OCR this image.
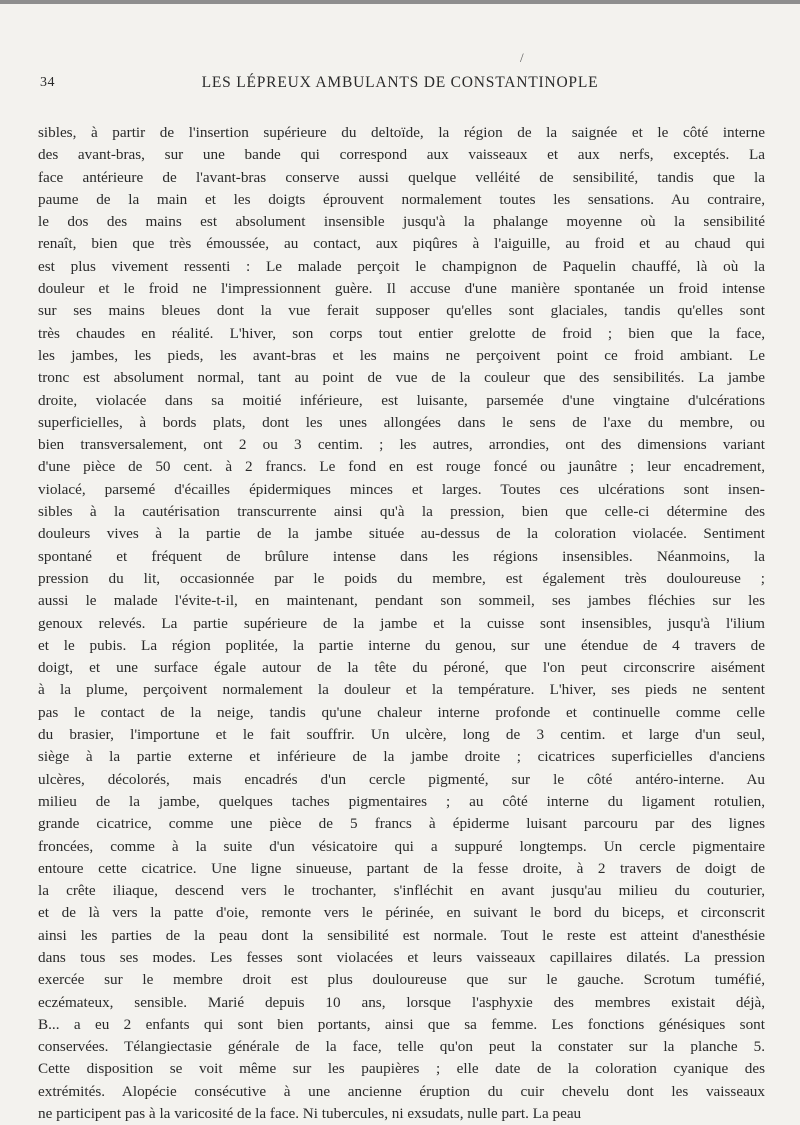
/
34	LES LÉPREUX AMBULANTS DE CONSTANTINOPLE
sibles, à partir de l'insertion supérieure du deltoïde, la région de la saignée et le côté interne
des avant-bras, sur une bande qui correspond aux vaisseaux et aux nerfs, exceptés. La
face antérieure de l'avant-bras conserve aussi quelque velléité de sensibilité, tandis que la
paume de la main et les doigts éprouvent normalement toutes les sensations. Au contraire,
le dos des mains est absolument insensible jusqu'à la phalange moyenne où la sensibilité
renaît, bien que très émoussée, au contact, aux piqûres à l'aiguille, au froid et au chaud qui
est plus vivement ressenti : Le malade perçoit le champignon de Paquelin chauffé, là où la
douleur et le froid ne l'impressionnent guère. Il accuse d'une manière spontanée un froid intense
sur ses mains bleues dont la vue ferait supposer qu'elles sont glaciales, tandis qu'elles sont
très chaudes en réalité. L'hiver, son corps tout entier grelotte de froid ; bien que la face,
les jambes, les pieds, les avant-bras et les mains ne perçoivent point ce froid ambiant. Le
tronc est absolument normal, tant au point de vue de la couleur que des sensibilités. La jambe
droite, violacée dans sa moitié inférieure, est luisante, parsemée d'une vingtaine d'ulcérations
superficielles, à bords plats, dont les unes allongées dans le sens de l'axe du membre, ou
bien transversalement, ont 2 ou 3 centim. ; les autres, arrondies, ont des dimensions variant
d'une pièce de 50 cent. à 2 francs. Le fond en est rouge foncé ou jaunâtre ; leur encadrement,
violacé, parsemé d'écailles épidermiques minces et larges. Toutes ces ulcérations sont insen-
sibles à la cautérisation transcurrente ainsi qu'à la pression, bien que celle-ci détermine des
douleurs vives à la partie de la jambe située au-dessus de la coloration violacée. Sentiment
spontané et fréquent de brûlure intense dans les régions insensibles. Néanmoins, la
pression du lit, occasionnée par le poids du membre, est également très douloureuse ;
aussi le malade l'évite-t-il, en maintenant, pendant son sommeil, ses jambes fléchies sur les
genoux relevés. La partie supérieure de la jambe et la cuisse sont insensibles, jusqu'à l'ilium
et le pubis. La région poplitée, la partie interne du genou, sur une étendue de 4 travers de
doigt, et une surface égale autour de la tête du péroné, que l'on peut circonscrire aisément
à la plume, perçoivent normalement la douleur et la température. L'hiver, ses pieds ne sentent
pas le contact de la neige, tandis qu'une chaleur interne profonde et continuelle comme celle
du brasier, l'importune et le fait souffrir. Un ulcère, long de 3 centim. et large d'un seul,
siège à la partie externe et inférieure de la jambe droite ; cicatrices superficielles d'anciens
ulcères, décolorés, mais encadrés d'un cercle pigmenté, sur le côté antéro-interne. Au
milieu de la jambe, quelques taches pigmentaires ; au côté interne du ligament rotulien,
grande cicatrice, comme une pièce de 5 francs à épiderme luisant parcouru par des lignes
froncées, comme à la suite d'un vésicatoire qui a suppuré longtemps. Un cercle pigmentaire
entoure cette cicatrice. Une ligne sinueuse, partant de la fesse droite, à 2 travers de doigt de
la crête iliaque, descend vers le trochanter, s'infléchit en avant jusqu'au milieu du couturier,
et de là vers la patte d'oie, remonte vers le périnée, en suivant le bord du biceps, et circonscrit
ainsi les parties de la peau dont la sensibilité est normale. Tout le reste est atteint d'anesthésie
dans tous ses modes. Les fesses sont violacées et leurs vaisseaux capillaires dilatés. La pression
exercée sur le membre droit est plus douloureuse que sur le gauche. Scrotum tuméfié,
eczémateux, sensible. Marié depuis 10 ans, lorsque l'asphyxie des membres existait déjà,
B... a eu 2 enfants qui sont bien portants, ainsi que sa femme. Les fonctions génésiques sont
conservées. Télangiectasie générale de la face, telle qu'on peut la constater sur la planche 5.
Cette disposition se voit même sur les paupières ; elle date de la coloration cyanique des
extrémités. Alopécie consécutive à une ancienne éruption du cuir chevelu dont les vaisseaux
ne participent pas à la varicosité de la face. Ni tubercules, ni exsudats, nulle part. La peau
